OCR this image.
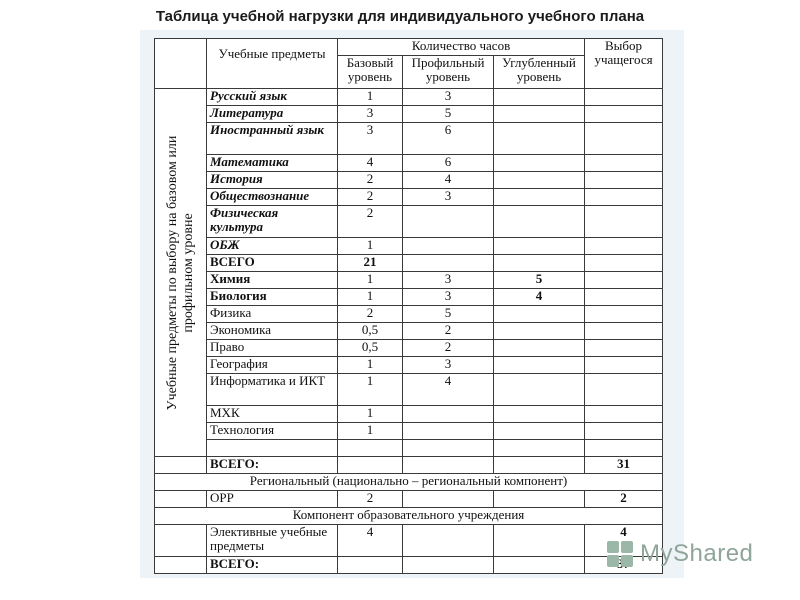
Таблица учебной нагрузки для индивидуального учебного плана
	Учебные предметы	Количество часов			Выбор учащегося
		Базовый уровень	Профильный уровень	Углубленный уровень	

Учебные предметы по выбору на базовом или профильном уровне	Русский язык	1	3		
	Литература	3	5		
	Иностранный язык	3	6		
	Математика	4	6		
	История	2	4		
	Обществознание	2	3		
	Физическая культура	2			
	ОБЖ	1			
	ВСЕГО	21			
	Химия	1	3	5	
	Биология	1	3	4	
	Физика	2	5		
	Экономика	0,5	2		
	Право	0,5	2		
	География	1	3		
	Информатика и ИКТ	1	4		
	МХК	1			
	Технология	1			

	ВСЕГО:				31
Региональный (национально – региональный компонент)					
	ОРР	2			2
Компонент образовательного учреждения					
	Элективные учебные предметы	4			4
	ВСЕГО:					MyShared
